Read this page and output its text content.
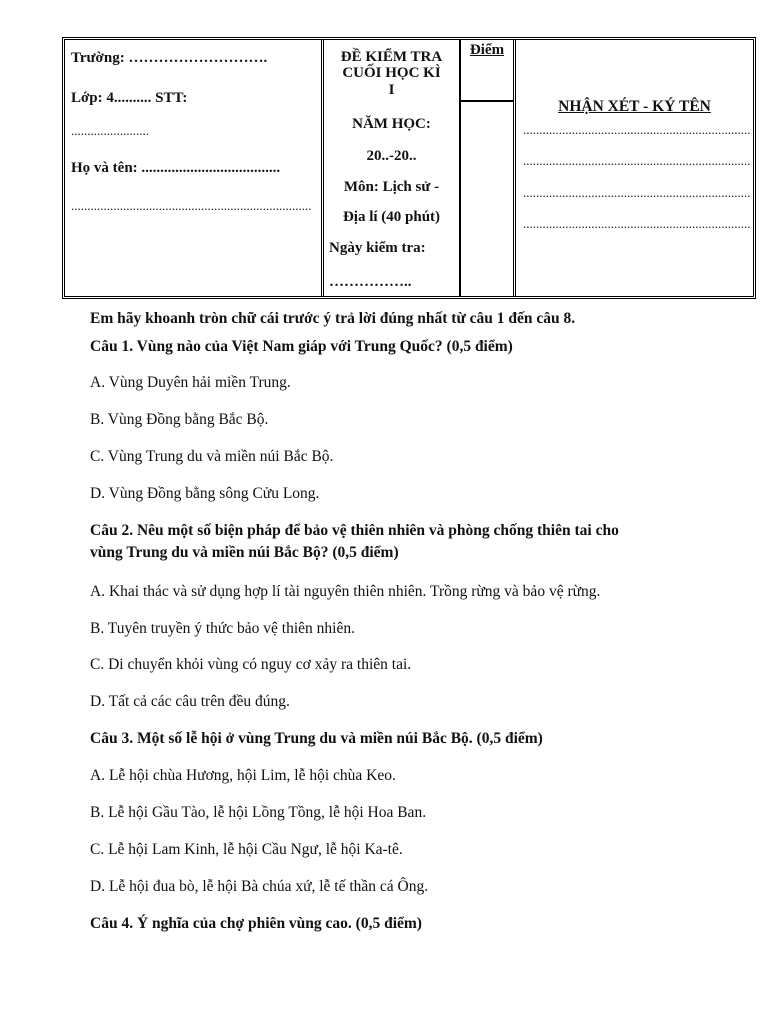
Trường: ……………………….
Lớp: 4.......... STT:
........................
Họ và tên: .....................................
..........................................................................
ĐỀ KIỂM TRA
CUỐI HỌC KÌ
I
NĂM HỌC:
20..-20..
Môn: Lịch sử -
Địa lí (40 phút)
Ngày kiểm tra:
……………..
Điểm
NHẬN XÉT - KÝ TÊN
......................................................................
......................................................................
......................................................................
......................................................................
Em hãy khoanh tròn chữ cái trước ý trả lời đúng nhất từ câu 1 đến câu 8.
Câu 1. Vùng nào của Việt Nam giáp với Trung Quốc? (0,5 điểm)
A. Vùng Duyên hải miền Trung.
B. Vùng Đồng bằng Bắc Bộ.
C. Vùng Trung du và miền núi Bắc Bộ.
D. Vùng Đồng bằng sông Cửu Long.
Câu 2. Nêu một số biện pháp để bảo vệ thiên nhiên và phòng chống thiên tai cho
vùng Trung du và miền núi Bắc Bộ? (0,5 điểm)
A. Khai thác và sử dụng hợp lí tài nguyên thiên nhiên. Trồng rừng và bảo vệ rừng.
B. Tuyên truyền ý thức bảo vệ thiên nhiên.
C. Di chuyển khỏi vùng có nguy cơ xảy ra thiên tai.
D. Tất cả các câu trên đều đúng.
Câu 3. Một số lễ hội ở vùng Trung du và miền núi Bắc Bộ. (0,5 điểm)
A. Lễ hội chùa Hương, hội Lim, lễ hội chùa Keo.
B. Lễ hội Gầu Tào, lễ hội Lồng Tồng, lễ hội Hoa Ban.
C. Lễ hội Lam Kinh, lễ hội Cầu Ngư, lễ hội Ka-tê.
D. Lễ hội đua bò, lễ hội Bà chúa xứ, lễ tế thần cá Ông.
Câu 4. Ý nghĩa của chợ phiên vùng cao. (0,5 điểm)
